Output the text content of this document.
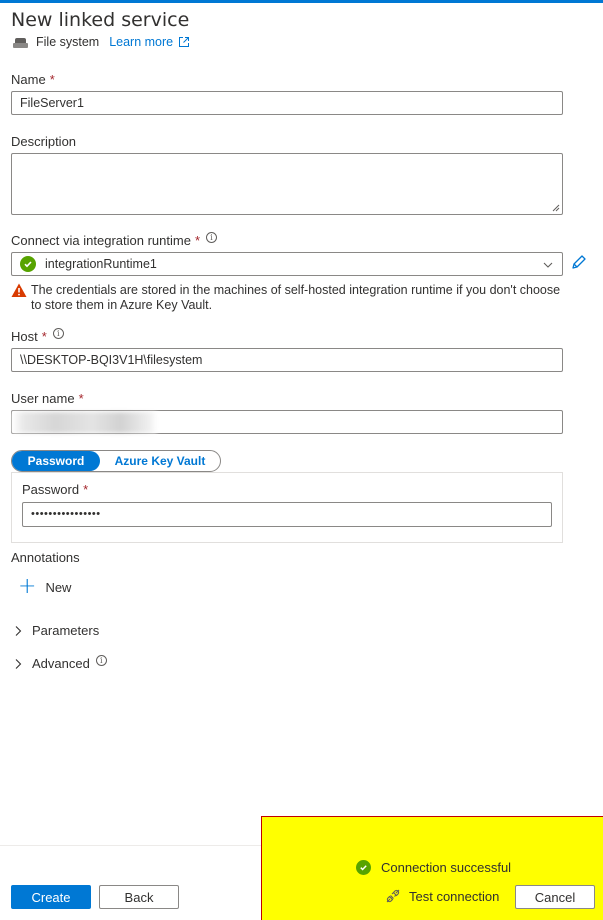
New linked service
File system Learn more
Name *
FileServer1
Description
Connect via integration runtime *	i
integrationRuntime1
The credentials are stored in the machines of self-hosted integration runtime if you don't choose to store them in Azure Key Vault.
Host *	i
\\DESKTOP-BQI3V1H\filesystem
User name *
Password	Azure Key Vault
Password *
••••••••••••••••
Annotations
+ New
Parameters
Advanced	i
Create	Back
Connection successful
Test connection	Cancel
